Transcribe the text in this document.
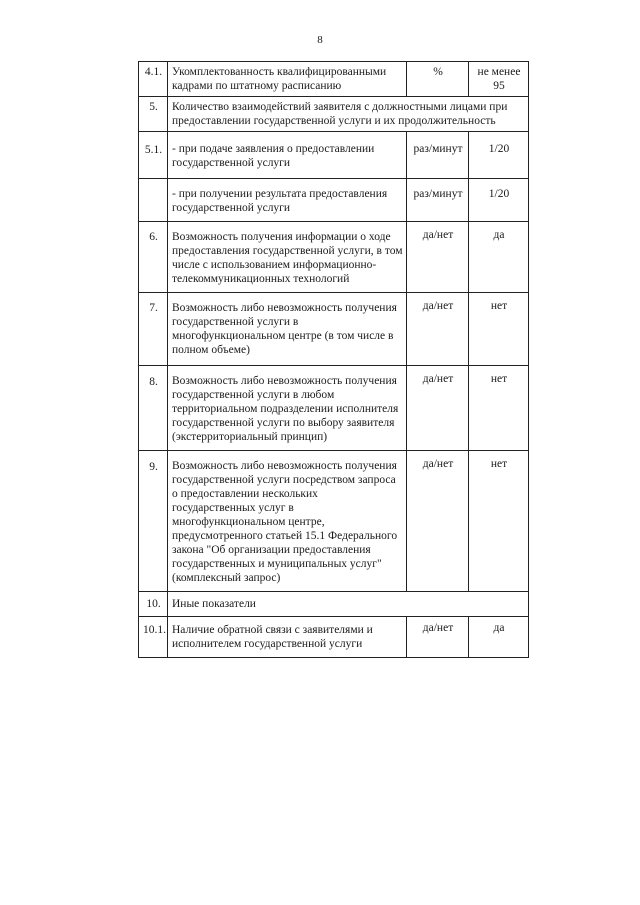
8
4.1.	Укомплектованность квалифицированными кадрами по штатному расписанию	%	не менее 95
5.	Количество взаимодействий заявителя с должностными лицами при предоставлении государственной услуги и их продолжительность		
5.1.	- при подаче заявления о предоставлении государственной услуги	раз/минут	1/20
	- при получении результата предоставления государственной услуги	раз/минут	1/20
6.	Возможность получения информации о ходе предоставления государственной услуги, в том числе с использованием информационно-телекоммуникационных технологий	да/нет	да
7.	Возможность либо невозможность получения государственной услуги в многофункциональном центре (в том числе в полном объеме)	да/нет	нет
8.	Возможность либо невозможность получения государственной услуги в любом территориальном подразделении исполнителя государственной услуги по выбору заявителя (экстерриториальный принцип)	да/нет	нет
9.	Возможность либо невозможность получения государственной услуги посредством запроса о предоставлении нескольких государственных услуг в многофункциональном центре, предусмотренного статьей 15.1 Федерального закона "Об организации предоставления государственных и муниципальных услуг" (комплексный запрос)	да/нет	нет
10.	Иные показатели		
10.1.	Наличие обратной связи с заявителями и исполнителем государственной услуги	да/нет	да
